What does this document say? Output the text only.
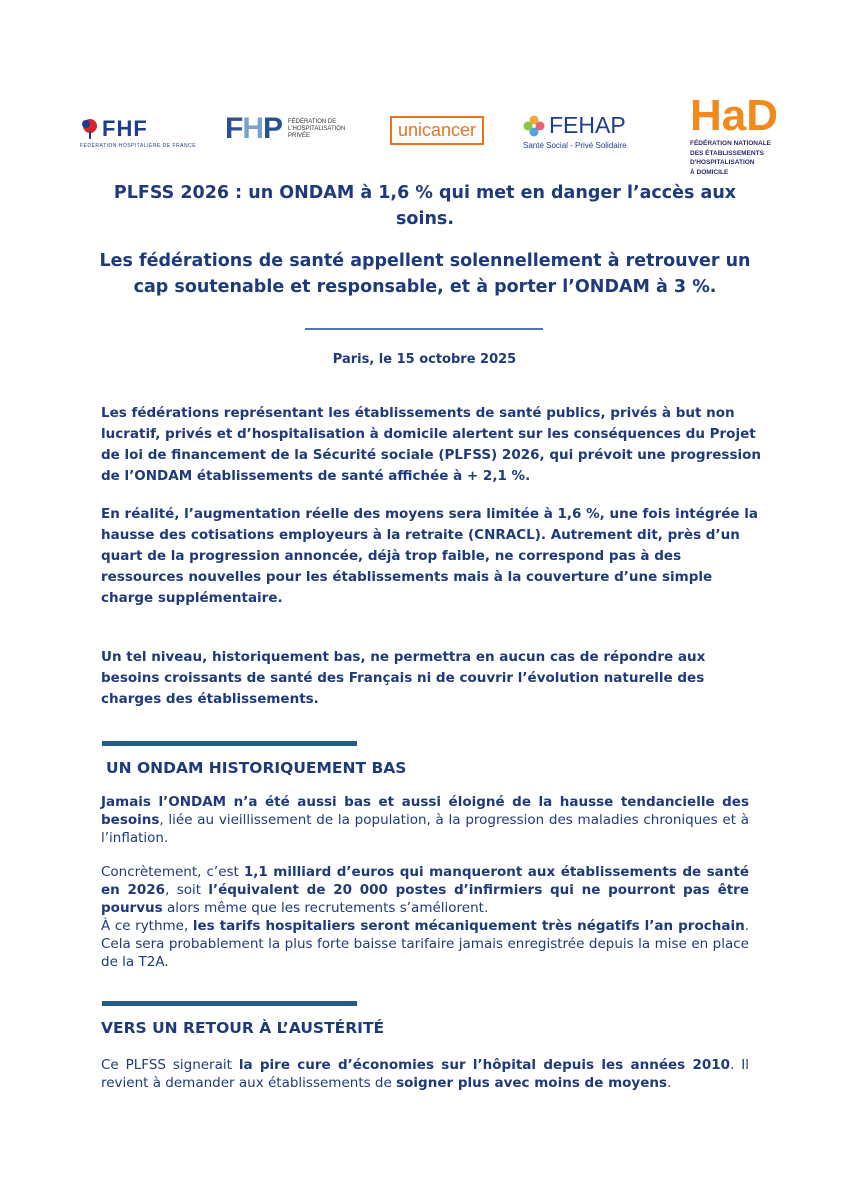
FHF
FÉDÉRATION HOSPITALIÈRE DE FRANCE
FHP FÉDÉRATION DE L'HOSPITALISATION PRIVÉE	unicancer	FEHAP
Santé Social - Privé Solidaire
HaD
FÉDÉRATION NATIONALE
DES ÉTABLISSEMENTS
D'HOSPITALISATION
À DOMICILE

PLFSS 2026 : un ONDAM à 1,6 % qui met en danger l’accès aux soins.

Les fédérations de santé appellent solennellement à retrouver un cap soutenable et responsable, et à porter l’ONDAM à 3 %.

Paris, le 15 octobre 2025

Les fédérations représentant les établissements de santé publics, privés à but non lucratif, privés et d’hospitalisation à domicile alertent sur les conséquences du Projet de loi de financement de la Sécurité sociale (PLFSS) 2026, qui prévoit une progression de l’ONDAM établissements de santé affichée à + 2,1 %.

En réalité, l’augmentation réelle des moyens sera limitée à 1,6 %, une fois intégrée la hausse des cotisations employeurs à la retraite (CNRACL). Autrement dit, près d’un quart de la progression annoncée, déjà trop faible, ne correspond pas à des ressources nouvelles pour les établissements mais à la couverture d’une simple charge supplémentaire.

Un tel niveau, historiquement bas, ne permettra en aucun cas de répondre aux besoins croissants de santé des Français ni de couvrir l’évolution naturelle des charges des établissements.

UN ONDAM HISTORIQUEMENT BAS

Jamais l’ONDAM n’a été aussi bas et aussi éloigné de la hausse tendancielle des besoins, liée au vieillissement de la population, à la progression des maladies chroniques et à l’inflation.

Concrètement, c’est 1,1 milliard d’euros qui manqueront aux établissements de santé en 2026, soit l’équivalent de 20 000 postes d’infirmiers qui ne pourront pas être pourvus alors même que les recrutements s’améliorent.
À ce rythme, les tarifs hospitaliers seront mécaniquement très négatifs l’an prochain. Cela sera probablement la plus forte baisse tarifaire jamais enregistrée depuis la mise en place de la T2A.

VERS UN RETOUR À L’AUSTÉRITÉ

Ce PLFSS signerait la pire cure d’économies sur l’hôpital depuis les années 2010. Il revient à demander aux établissements de soigner plus avec moins de moyens.
